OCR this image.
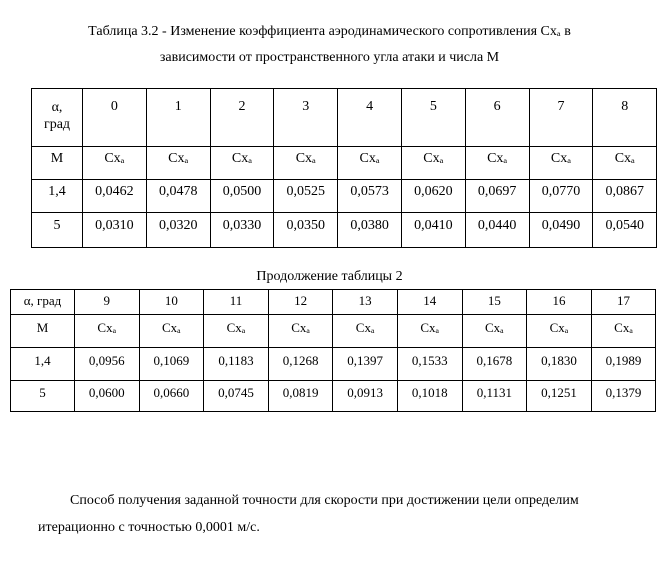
Таблица 3.2 - Изменение коэффициента аэродинамического сопротивления Схₐ в
зависимости от пространственного угла атаки и числа М
α,
град	0	1	2	3	4	5	6	7	8
М	Схₐ	Схₐ	Схₐ	Схₐ	Схₐ	Схₐ	Схₐ	Схₐ	Схₐ
1,4	0,0462	0,0478	0,0500	0,0525	0,0573	0,0620	0,0697	0,0770	0,0867
5	0,0310	0,0320	0,0330	0,0350	0,0380	0,0410	0,0440	0,0490	0,0540
Продолжение таблицы 2
α, град	9	10	11	12	13	14	15	16	17
М	Схₐ	Схₐ	Схₐ	Схₐ	Схₐ	Схₐ	Схₐ	Схₐ	Схₐ
1,4	0,0956	0,1069	0,1183	0,1268	0,1397	0,1533	0,1678	0,1830	0,1989
5	0,0600	0,0660	0,0745	0,0819	0,0913	0,1018	0,1131	0,1251	0,1379
Способ получения заданной точности для скорости при достижении цели определим итерационно с точностью 0,0001 м/с.
